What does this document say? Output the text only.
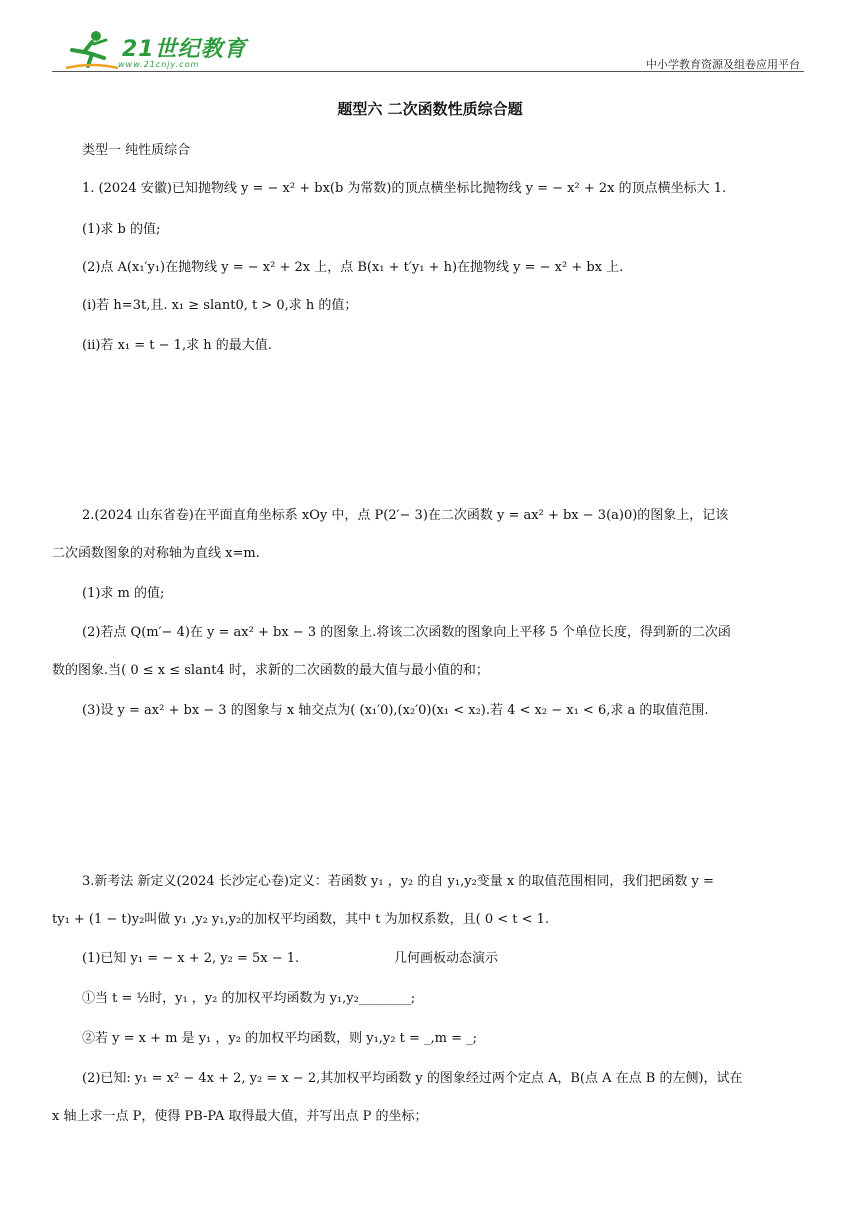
21世纪教育
www.21cnjy.com	中小学教育资源及组卷应用平台
题型六 二次函数性质综合题
类型一 纯性质综合
1. (2024 安徽)已知抛物线 y = − x² + bx(b 为常数)的顶点横坐标比抛物线 y = − x² + 2x 的顶点横坐标大 1.
(1)求 b 的值;
(2)点 A(x₁′y₁)在抛物线 y = − x² + 2x 上，点 B(x₁ + t′y₁ + h)在抛物线 y = − x² + bx 上.
(i)若 h=3t,且. x₁ ≥ slant0, t > 0,求 h 的值；
(ii)若 x₁ = t − 1,求 h 的最大值.
2.(2024 山东省卷)在平面直角坐标系 xOy 中，点 P(2′− 3)在二次函数 y = ax² + bx − 3(a)0)的图象上，记该
二次函数图象的对称轴为直线 x=m.
(1)求 m 的值;
(2)若点 Q(m′− 4)在 y = ax² + bx − 3 的图象上.将该二次函数的图象向上平移 5 个单位长度，得到新的二次函
数的图象.当( 0 ≤ x ≤ slant4 时，求新的二次函数的最大值与最小值的和；
(3)设 y = ax² + bx − 3 的图象与 x 轴交点为( (x₁′0),(x₂′0)(x₁ < x₂).若 4 < x₂ − x₁ < 6,求 a 的取值范围.
3.新考法 新定义(2024 长沙定心卷)定义：若函数 y₁ ，y₂ 的自 y₁,y₂变量 x 的取值范围相同，我们把函数 y =
ty₁ + (1 − t)y₂叫做 y₁ ,y₂ y₁,y₂的加权平均函数，其中 t 为加权系数，且( 0 < t < 1.
(1)已知 y₁ = − x + 2, y₂ = 5x − 1.	几何画板动态演示
①当 t = ½时，y₁ ，y₂ 的加权平均函数为 y₁,y₂________;
②若 y = x + m 是 y₁ ，y₂ 的加权平均函数，则 y₁,y₂ t = _,m = _;
(2)已知: y₁ = x² − 4x + 2, y₂ = x − 2,其加权平均函数 y 的图象经过两个定点 A，B(点 A 在点 B 的左侧)，试在
x 轴上求一点 P，使得 PB-PA 取得最大值，并写出点 P 的坐标；
